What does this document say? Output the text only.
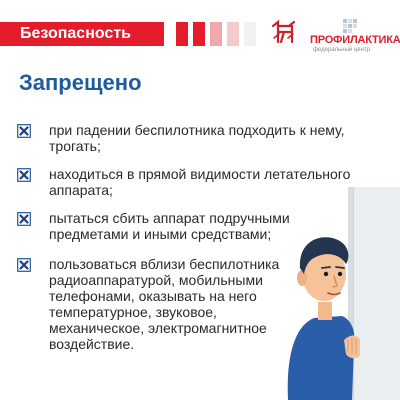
Безопасность	ПРОФИЛАКТИКА
федеральный центр
Запрещено
при падении беспилотника подходить к нему,
трогать;
находиться в прямой видимости летательного
аппарата;
пытаться сбить аппарат подручными
предметами и иными средствами;
пользоваться вблизи беспилотника
радиоаппаратурой, мобильными
телефонами, оказывать на него
температурное, звуковое,
механическое, электромагнитное
воздействие.
